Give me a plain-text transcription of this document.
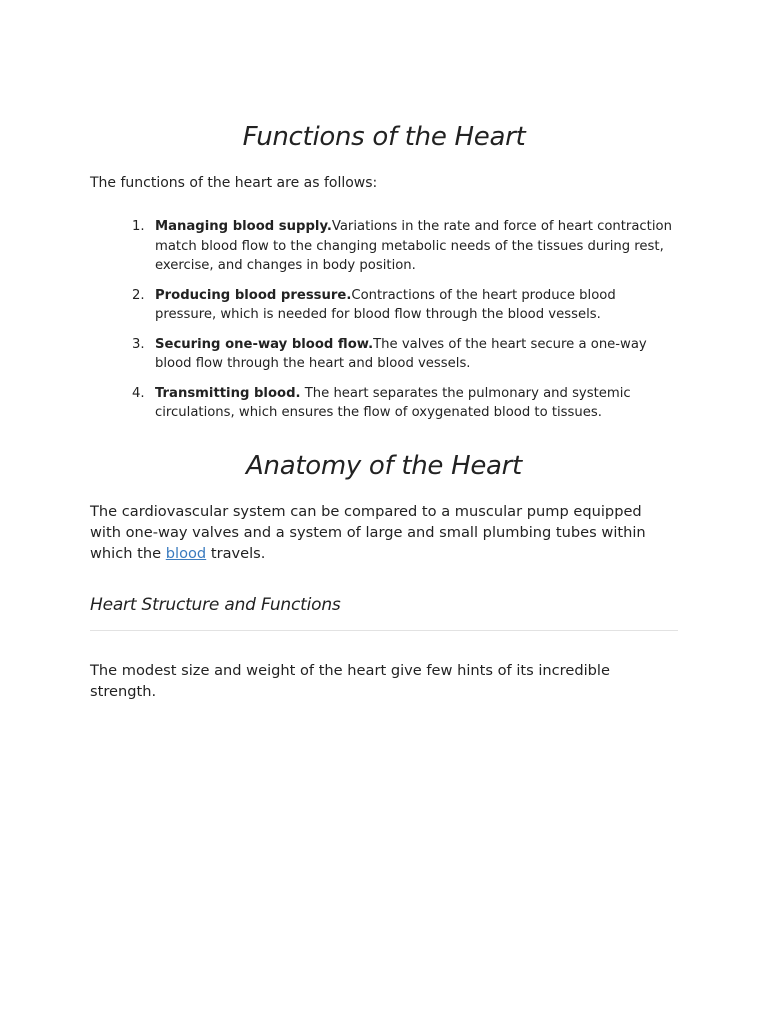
Functions of the Heart

The functions of the heart are as follows:

1. Managing blood supply.Variations in the rate and force of heart contraction match blood flow to the changing metabolic needs of the tissues during rest, exercise, and changes in body position.
2. Producing blood pressure.Contractions of the heart produce blood pressure, which is needed for blood flow through the blood vessels.
3. Securing one-way blood flow.The valves of the heart secure a one-way blood flow through the heart and blood vessels.
4. Transmitting blood. The heart separates the pulmonary and systemic circulations, which ensures the flow of oxygenated blood to tissues.
Anatomy of the Heart

The cardiovascular system can be compared to a muscular pump equipped with one-way valves and a system of large and small plumbing tubes within which the blood travels.

Heart Structure and Functions

The modest size and weight of the heart give few hints of its incredible strength.
